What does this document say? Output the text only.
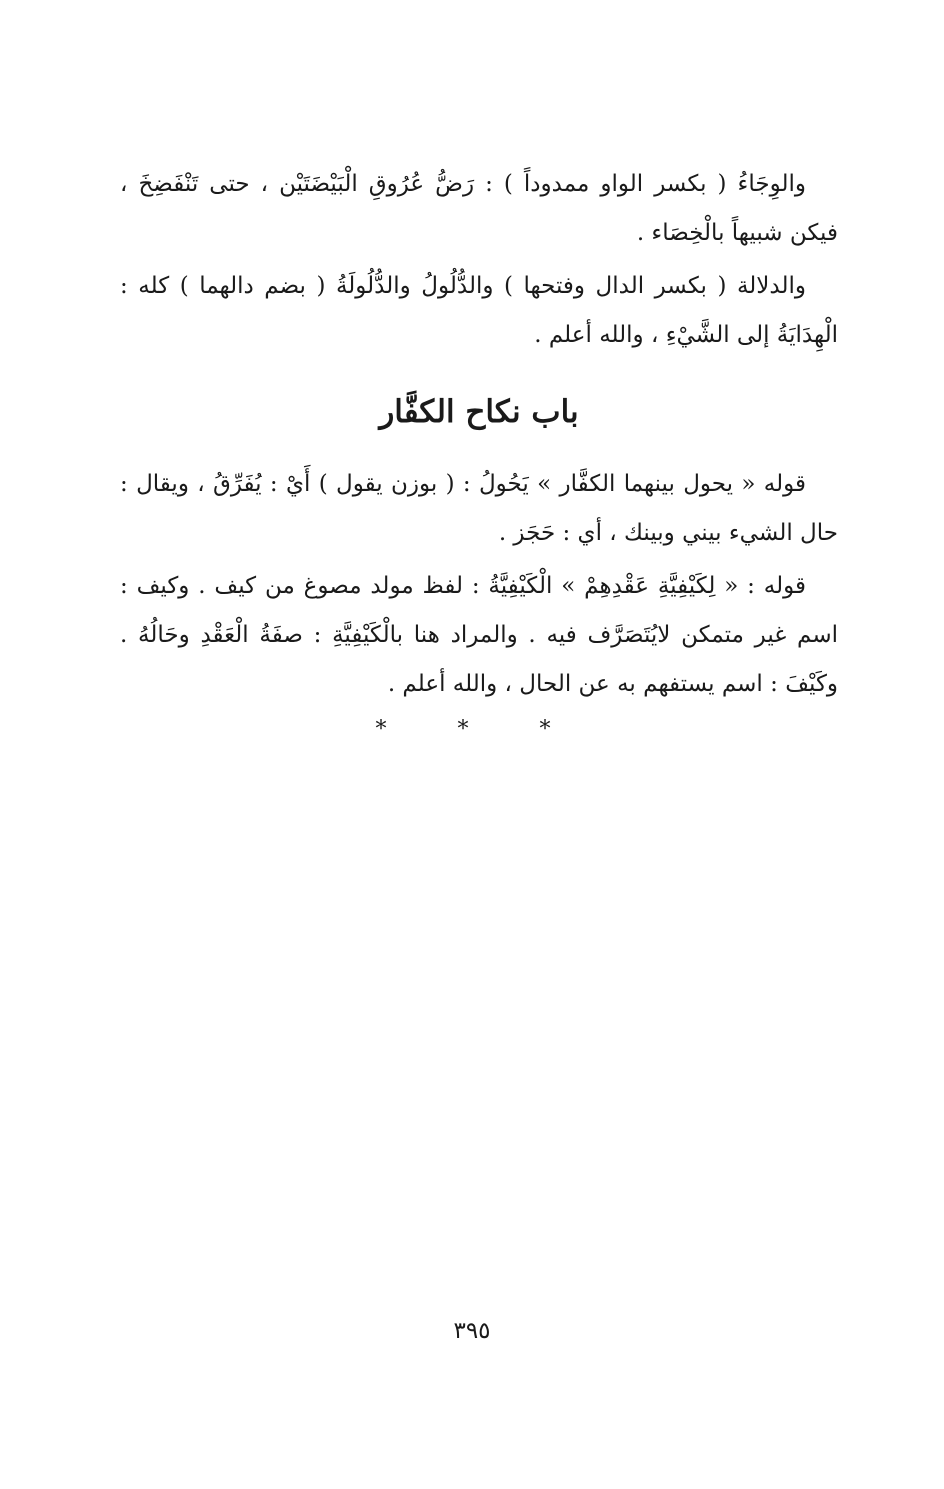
والوِجَاءُ ( بكسر الواو ممدوداً ) : رَضُّ عُرُوقِ الْبَيْضَتَيْن ، حتى تَنْفَضِخَ ، فيكن شبيهاً بالْخِصَاء .

والدلالة ( بكسر الدال وفتحها ) والدُّلُولُ والدُّلُولَةُ ( بضم دالهما ) كله : الْهِدَايَةُ إلى الشَّيْءِ ، والله أعلم .

باب نكاح الكفَّار

قوله « يحول بينهما الكفَّار » يَحُولُ : ( بوزن يقول ) أَيْ : يُفَرِّقُ ، ويقال : حال الشيء بيني وبينك ، أي : حَجَز .

قوله : « لِكَيْفِيَّةِ عَقْدِهِمْ » الْكَيْفِيَّةُ : لفظ مولد مصوغ من كيف . وكيف : اسم غير متمكن لايُتَصَرَّف فيه . والمراد هنا بالْكَيْفِيَّةِ : صفَةُ الْعَقْدِ وحَالُهُ . وكَيْفَ : اسم يستفهم به عن الحال ، والله أعلم .

* * *
٣٩٥
